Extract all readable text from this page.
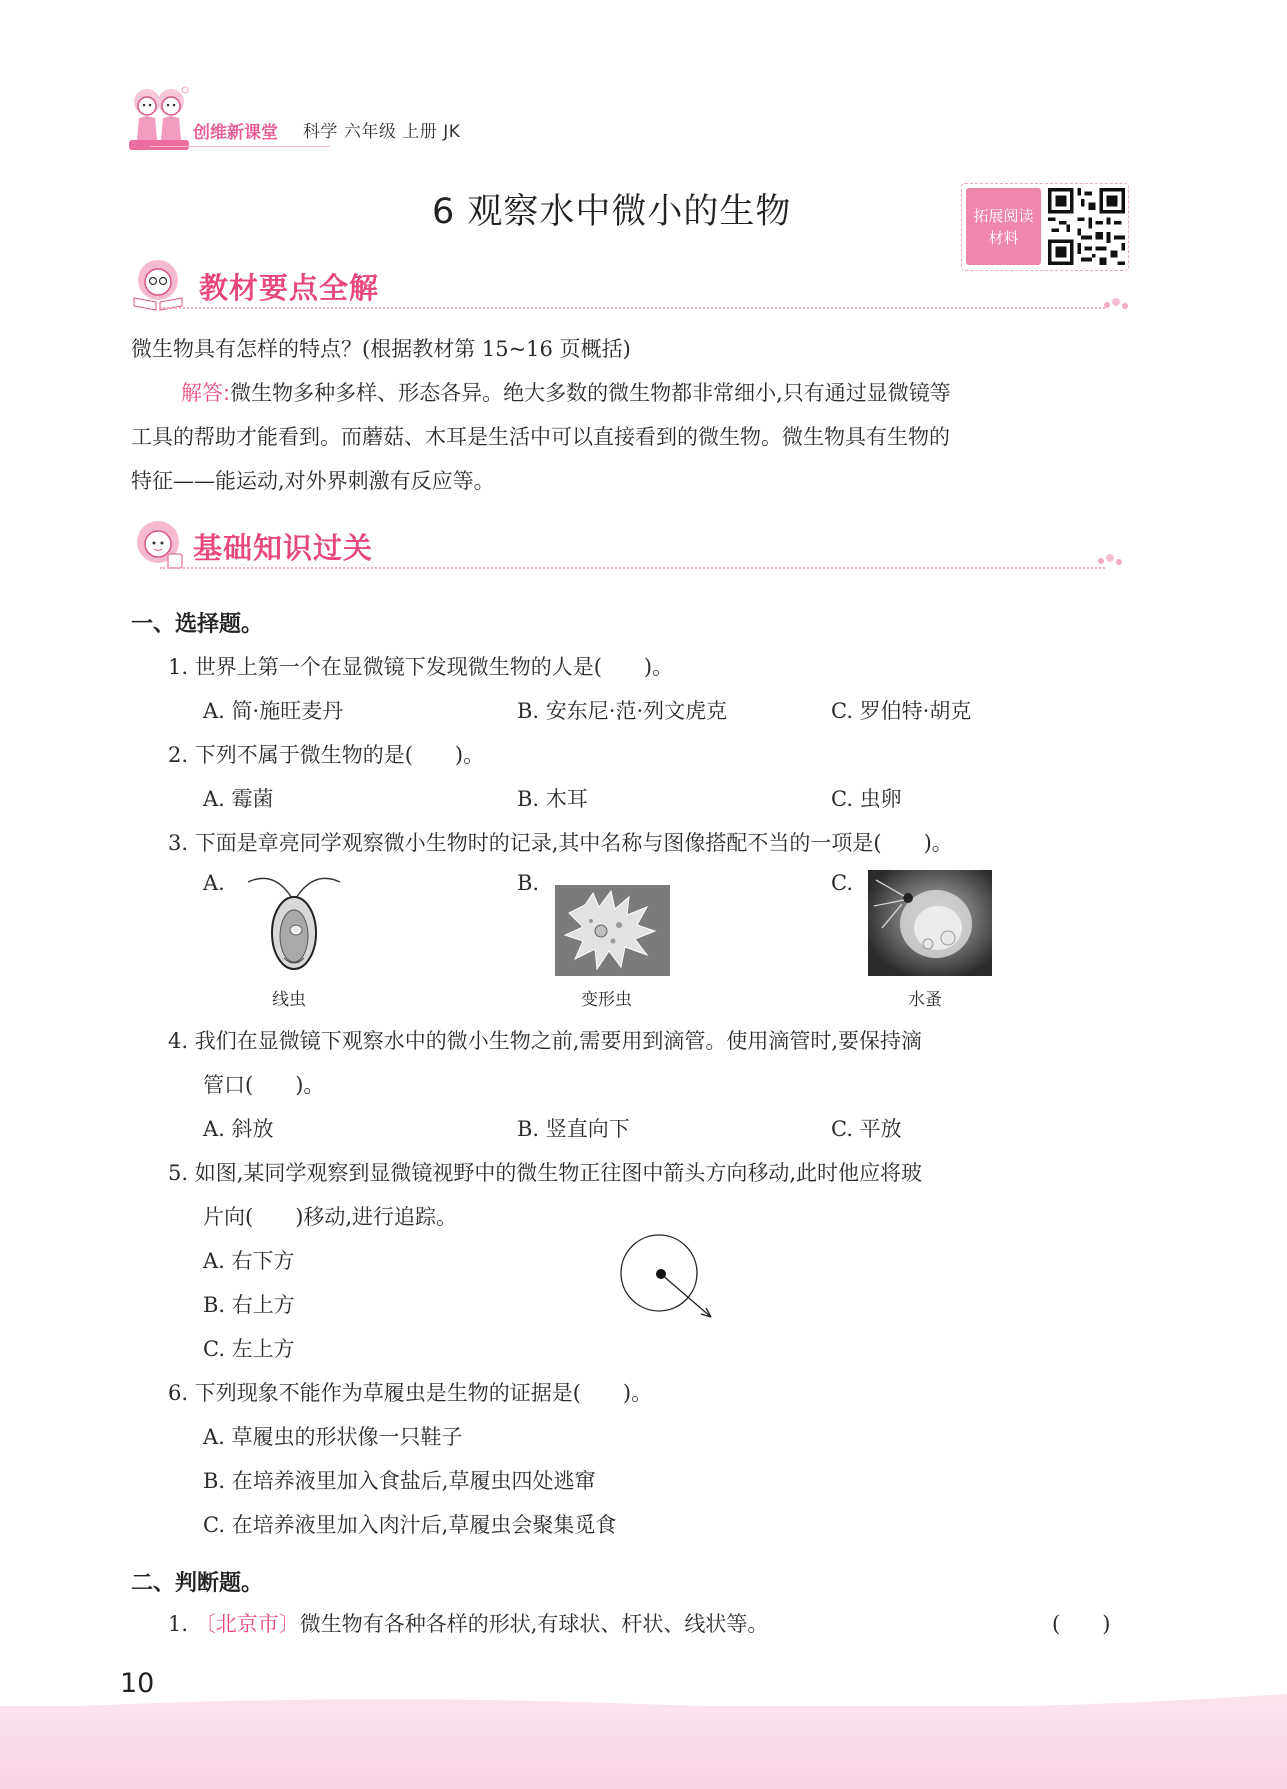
创维新课堂 科学 六年级 上册 JK
6 观察水中微小的生物	拓展阅读
材料
教材要点全解
微生物具有怎样的特点？(根据教材第 15~16 页概括)
解答:微生物多种多样、形态各异。绝大多数的微生物都非常细小,只有通过显微镜等
工具的帮助才能看到。而蘑菇、木耳是生活中可以直接看到的微生物。微生物具有生物的
特征——能运动,对外界刺激有反应等。
基础知识过关
一、选择题。
1. 世界上第一个在显微镜下发现微生物的人是(　　)。
A. 简·施旺麦丹	B. 安东尼·范·列文虎克	C. 罗伯特·胡克
2. 下列不属于微生物的是(　　)。
A. 霉菌	B. 木耳	C. 虫卵
3. 下面是章亮同学观察微小生物时的记录,其中名称与图像搭配不当的一项是(　　)。
A.	B.	C.
线虫	变形虫	水蚤
4. 我们在显微镜下观察水中的微小生物之前,需要用到滴管。使用滴管时,要保持滴
管口(　　)。
A. 斜放	B. 竖直向下	C. 平放
5. 如图,某同学观察到显微镜视野中的微生物正往图中箭头方向移动,此时他应将玻
片向(　　)移动,进行追踪。
A. 右下方
B. 右上方
C. 左上方
6. 下列现象不能作为草履虫是生物的证据是(　　)。
A. 草履虫的形状像一只鞋子
B. 在培养液里加入食盐后,草履虫四处逃窜
C. 在培养液里加入肉汁后,草履虫会聚集觅食
二、判断题。
1. 〔北京市〕微生物有各种各样的形状,有球状、杆状、线状等。	(　　)
10
